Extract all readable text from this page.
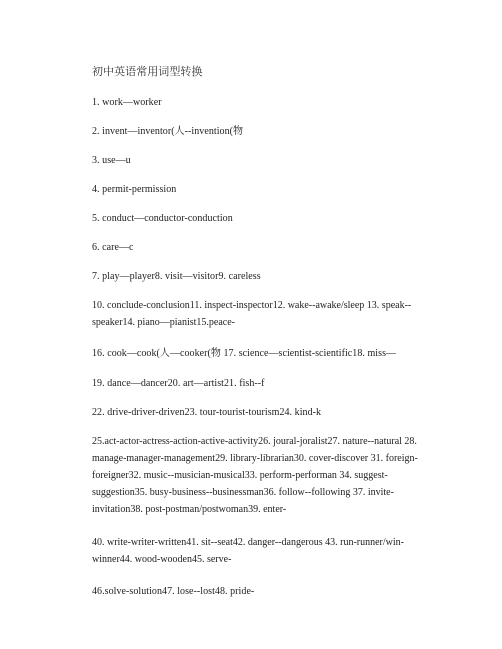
初中英语常用词型转换
1. work—worker
2. invent—inventor(人--invention(物
3. use—u
4. permit-permission
5. conduct—conductor-conduction
6. care—c
7. play—player8. visit—visitor9. careless
10. conclude-conclusion11. inspect-inspector12. wake--awake/sleep 13. speak--speaker14. piano—pianist15.peace-
16. cook—cook(人—cooker(物 17. science—scientist-scientific18. miss—
19. dance—dancer20. art—artist21. fish--f
22. drive-driver-driven23. tour-tourist-tourism24. kind-k
25.act-actor-actress-action-active-activity26. joural-joralist27. nature--natural 28. manage-manager-management29. library-librarian30. cover-discover 31. foreign-foreigner32. music--musician-musical33. perform-performan 34. suggest-suggestion35. busy-business--businessman36. follow--following 37. invite-invitation38. post-postman/postwoman39. enter-
40. write-writer-written41. sit--seat42. danger--dangerous 43. run-runner/win-winner44. wood-wooden45. serve-
46.solve-solution47. lose--lost48. pride-
